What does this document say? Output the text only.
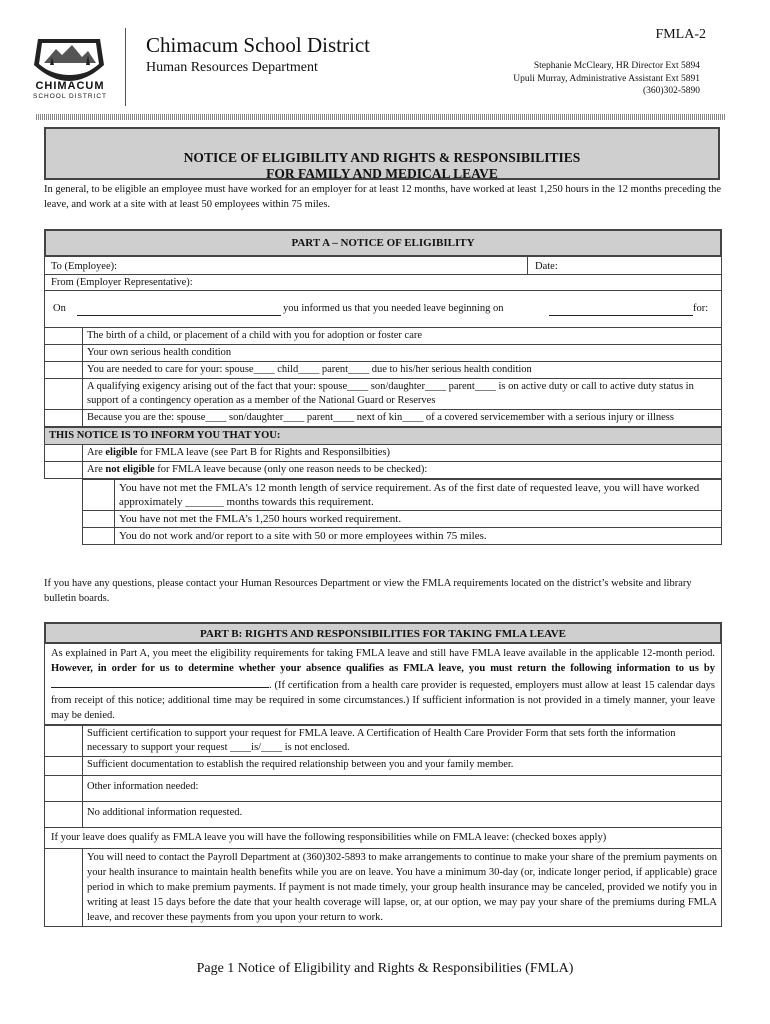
CHIMACUM
SCHOOL DISTRICT
Chimacum School District
Human Resources Department
FMLA-2
Stephanie McCleary, HR Director Ext 5894
Upuli Murray, Administrative Assistant Ext 5891
(360)302-5890
NOTICE OF ELIGIBILITY AND RIGHTS & RESPONSIBILITIES
FOR FAMILY AND MEDICAL LEAVE
In general, to be eligible an employee must have worked for an employer for at least 12 months, have worked at least 1,250 hours in the 12 months preceding the leave, and work at a site with at least 50 employees within 75 miles.
PART A – NOTICE OF ELIGIBILITY
To (Employee):	Date:
From (Employer Representative):
On	you informed us that you needed leave beginning on	for:
	The birth of a child, or placement of a child with you for adoption or foster care
	Your own serious health condition
	You are needed to care for your: spouse____ child____ parent____ due to his/her serious health condition
	A qualifying exigency arising out of the fact that your: spouse____ son/daughter____ parent____ is on active duty or call to active duty status in support of a contingency operation as a member of the National Guard or Reserves
	Because you are the: spouse____ son/daughter____ parent____ next of kin____ of a covered servicemember with a serious injury or illness
THIS NOTICE IS TO INFORM YOU THAT YOU:	
	Are eligible for FMLA leave (see Part B for Rights and Responsilbities)
	Are not eligible for FMLA leave because (only one reason needs to be checked):
	You have not met the FMLA’s 12 month length of service requirement. As of the first date of requested leave, you will have worked approximately _______ months towards this requirement.
	You have not met the FMLA’s 1,250 hours worked requirement.
	You do not work and/or report to a site with 50 or more employees within 75 miles.
If you have any questions, please contact your Human Resources Department or view the FMLA requirements located on the district’s website and library bulletin boards.
PART B: RIGHTS AND RESPONSIBILITIES FOR TAKING FMLA LEAVE
As explained in Part A, you meet the eligibility requirements for taking FMLA leave and still have FMLA leave available in the applicable 12-month period. However, in order for us to determine whether your absence qualifies as FMLA leave, you must return the following information to us by . (If certification from a health care provider is requested, employers must allow at least 15 calendar days from receipt of this notice; additional time may be required in some circumstances.) If sufficient information is not provided in a timely manner, your leave may be denied.
	Sufficient certification to support your request for FMLA leave. A Certification of Health Care Provider Form that sets forth the information necessary to support your request ____is/____ is not enclosed.
	Sufficient documentation to establish the required relationship between you and your family member.
	Other information needed:
	No additional information requested.
If your leave does qualify as FMLA leave you will have the following responsibilities while on FMLA leave: (checked boxes apply)	
	You will need to contact the Payroll Department at (360)302-5893 to make arrangements to continue to make your share of the premium payments on your health insurance to maintain health benefits while you are on leave. You have a minimum 30-day (or, indicate longer period, if applicable) grace period in which to make premium payments. If payment is not made timely, your group health insurance may be canceled, provided we notify you in writing at least 15 days before the date that your health coverage will lapse, or, at our option, we may pay your share of the premiums during FMLA leave, and recover these payments from you upon your return to work.
Page 1 Notice of Eligibility and Rights & Responsibilities (FMLA)
